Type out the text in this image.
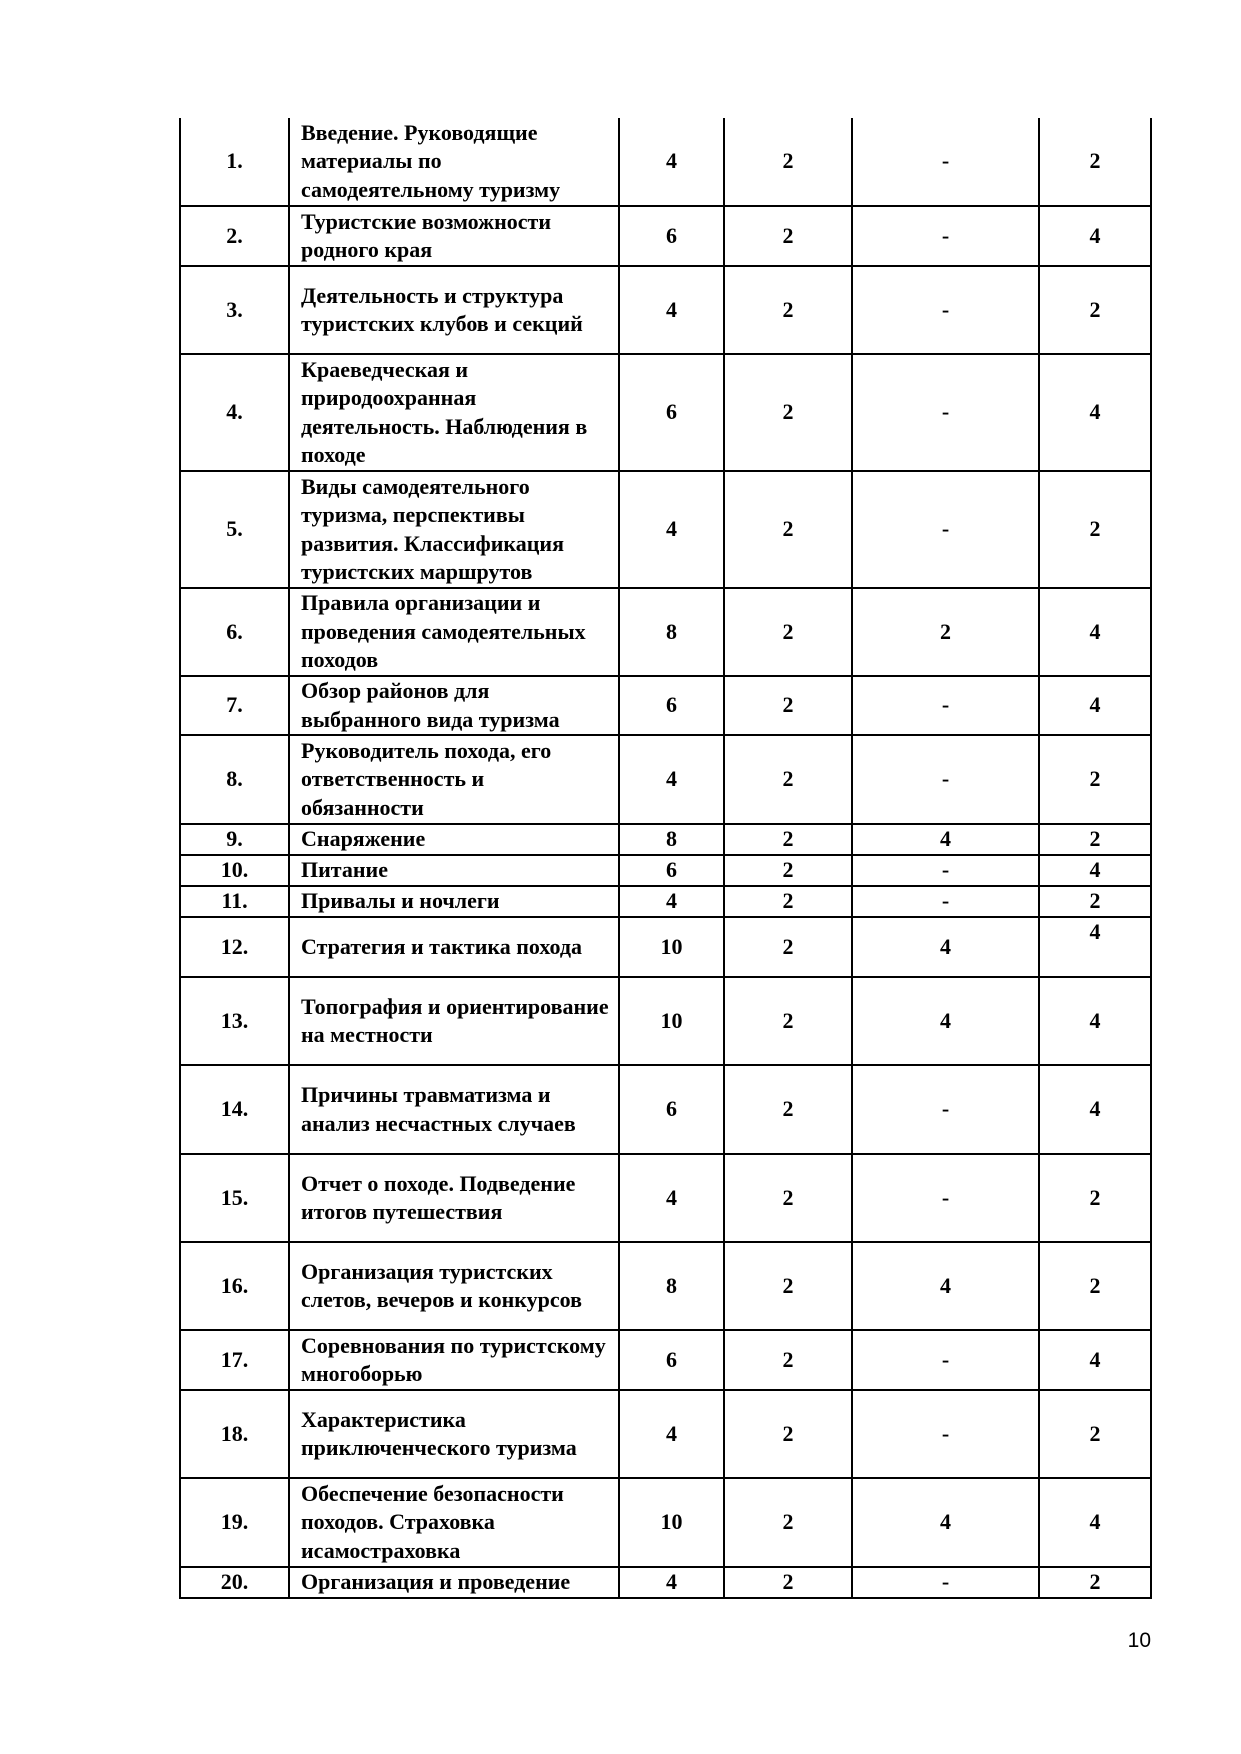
1.	Введение. Руководящие материалы по самодеятельному туризму	4	2	-	2
2.	Туристские возможности родного края	6	2	-	4
3.	Деятельность и структура туристских клубов и секций	4	2	-	2
4.	Краеведческая и природоохранная деятельность. Наблюдения в походе	6	2	-	4
5.	Виды самодеятельного туризма, перспективы развития. Классификация туристских маршрутов	4	2	-	2
6.	Правила организации и проведения самодеятельных походов	8	2	2	4
7.	Обзор районов для выбранного вида туризма	6	2	-	4
8.	Руководитель похода, его ответственность и обязанности	4	2	-	2
9.	Снаряжение	8	2	4	2
10.	Питание	6	2	-	4
11.	Привалы и ночлеги	4	2	-	2
12.	Стратегия и тактика похода	10	2	4	4
13.	Топография и ориентирование на местности	10	2	4	4
14.	Причины травматизма и анализ несчастных случаев	6	2	-	4
15.	Отчет о походе. Подведение итогов путешествия	4	2	-	2
16.	Организация туристских слетов, вечеров и конкурсов	8	2	4	2
17.	Соревнования по туристскому многоборью	6	2	-	4
18.	Характеристика приключенческого туризма	4	2	-	2
19.	Обеспечение безопасности походов. Страховка исамостраховка	10	2	4	4
20.	Организация и проведение	4	2	-	2
10
